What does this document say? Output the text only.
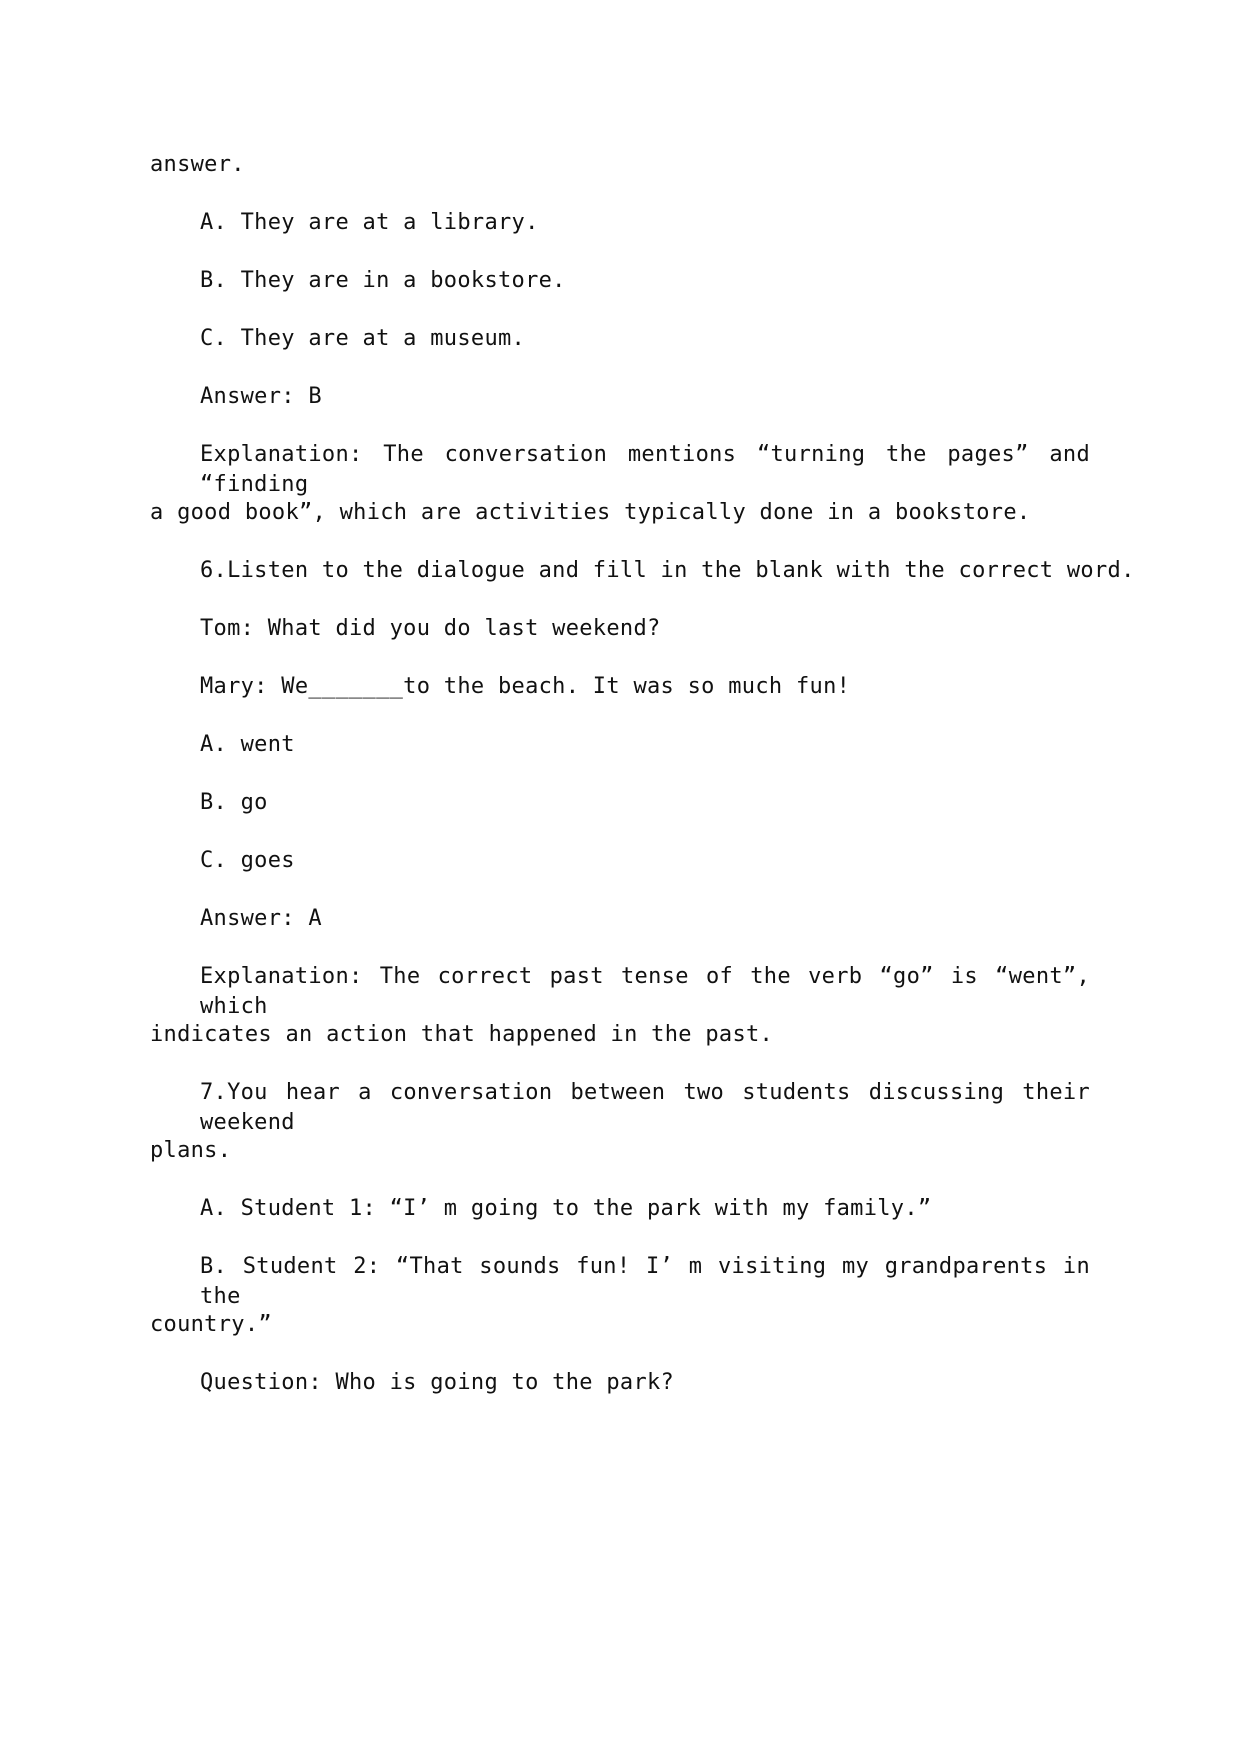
answer.
A. They are at a library.
B. They are in a bookstore.
C. They are at a museum.
Answer: B
Explanation: The conversation mentions “turning the pages” and “finding
a good book”, which are activities typically done in a bookstore.
6.Listen to the dialogue and fill in the blank with the correct word.
Tom: What did you do last weekend?
Mary: We_______to the beach. It was so much fun!
A. went
B. go
C. goes
Answer: A
Explanation: The correct past tense of the verb “go” is “went”, which
indicates an action that happened in the past.
7.You hear a conversation between two students discussing their weekend
plans.
A. Student 1: “I’ m going to the park with my family.”
B. Student 2: “That sounds fun! I’ m visiting my grandparents in the
country.”
Question: Who is going to the park?
